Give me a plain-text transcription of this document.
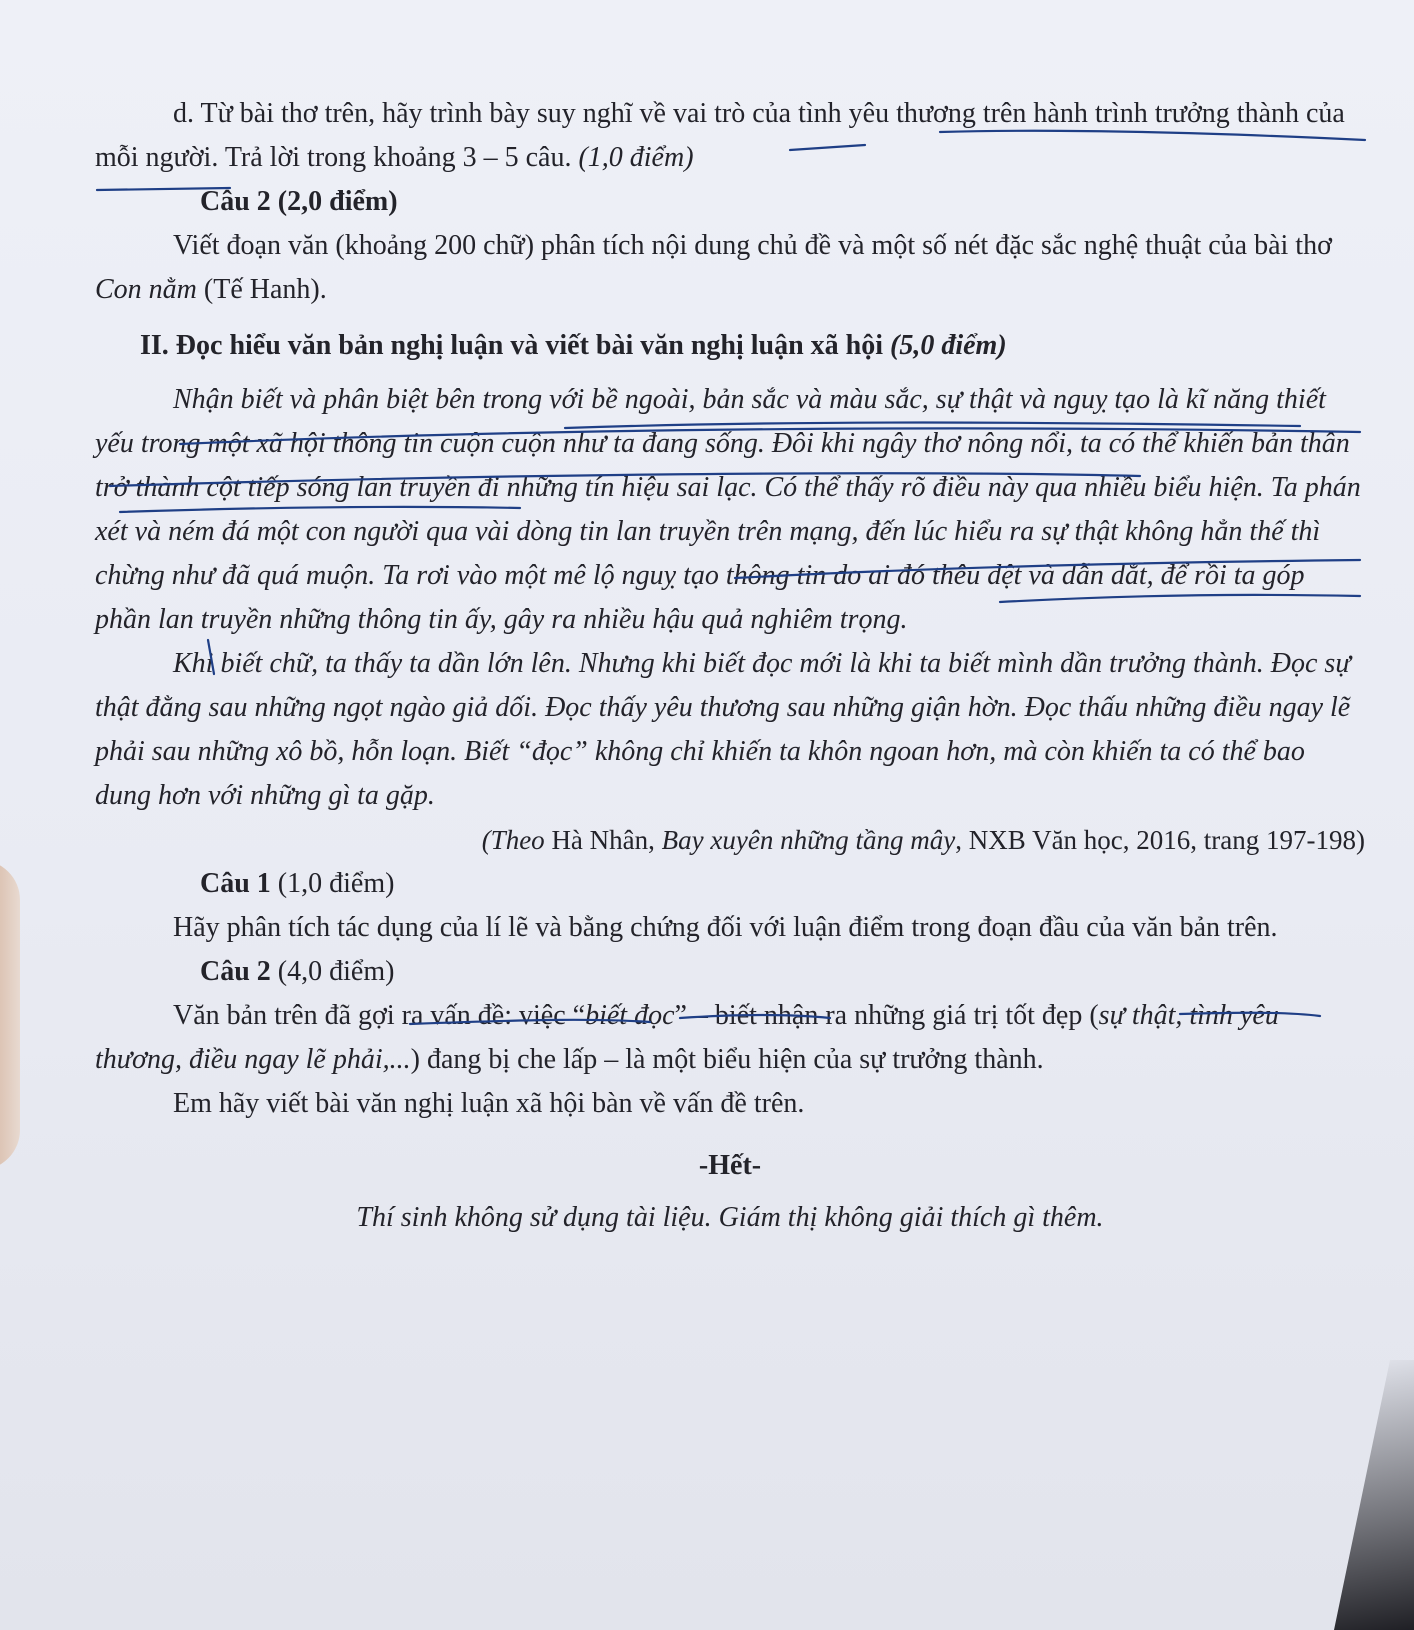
d. Từ bài thơ trên, hãy trình bày suy nghĩ về vai trò của tình yêu thương trên hành trình trưởng thành của mỗi người. Trả lời trong khoảng 3 – 5 câu. (1,0 điểm)

Câu 2 (2,0 điểm)

Viết đoạn văn (khoảng 200 chữ) phân tích nội dung chủ đề và một số nét đặc sắc nghệ thuật của bài thơ Con nằm (Tế Hanh).

II. Đọc hiểu văn bản nghị luận và viết bài văn nghị luận xã hội (5,0 điểm)

Nhận biết và phân biệt bên trong với bề ngoài, bản sắc và màu sắc, sự thật và nguỵ tạo là kĩ năng thiết yếu trong một xã hội thông tin cuộn cuộn như ta đang sống. Đôi khi ngây thơ nông nổi, ta có thể khiến bản thân trở thành cột tiếp sóng lan truyền đi những tín hiệu sai lạc. Có thể thấy rõ điều này qua nhiều biểu hiện. Ta phán xét và ném đá một con người qua vài dòng tin lan truyền trên mạng, đến lúc hiểu ra sự thật không hẳn thế thì chừng như đã quá muộn. Ta rơi vào một mê lộ nguỵ tạo thông tin do ai đó thêu dệt và dẫn dắt, để rồi ta góp phần lan truyền những thông tin ấy, gây ra nhiều hậu quả nghiêm trọng.

Khi biết chữ, ta thấy ta dần lớn lên. Nhưng khi biết đọc mới là khi ta biết mình dần trưởng thành. Đọc sự thật đằng sau những ngọt ngào giả dối. Đọc thấy yêu thương sau những giận hờn. Đọc thấu những điều ngay lẽ phải sau những xô bồ, hỗn loạn. Biết “đọc” không chỉ khiến ta khôn ngoan hơn, mà còn khiến ta có thể bao dung hơn với những gì ta gặp.

(Theo Hà Nhân, Bay xuyên những tầng mây, NXB Văn học, 2016, trang 197-198)

Câu 1 (1,0 điểm)

Hãy phân tích tác dụng của lí lẽ và bằng chứng đối với luận điểm trong đoạn đầu của văn bản trên.

Câu 2 (4,0 điểm)

Văn bản trên đã gợi ra vấn đề: việc “biết đọc” – biết nhận ra những giá trị tốt đẹp (sự thật, tình yêu thương, điều ngay lẽ phải,...) đang bị che lấp – là một biểu hiện của sự trưởng thành.

Em hãy viết bài văn nghị luận xã hội bàn về vấn đề trên.

-Hết-

Thí sinh không sử dụng tài liệu. Giám thị không giải thích gì thêm.
